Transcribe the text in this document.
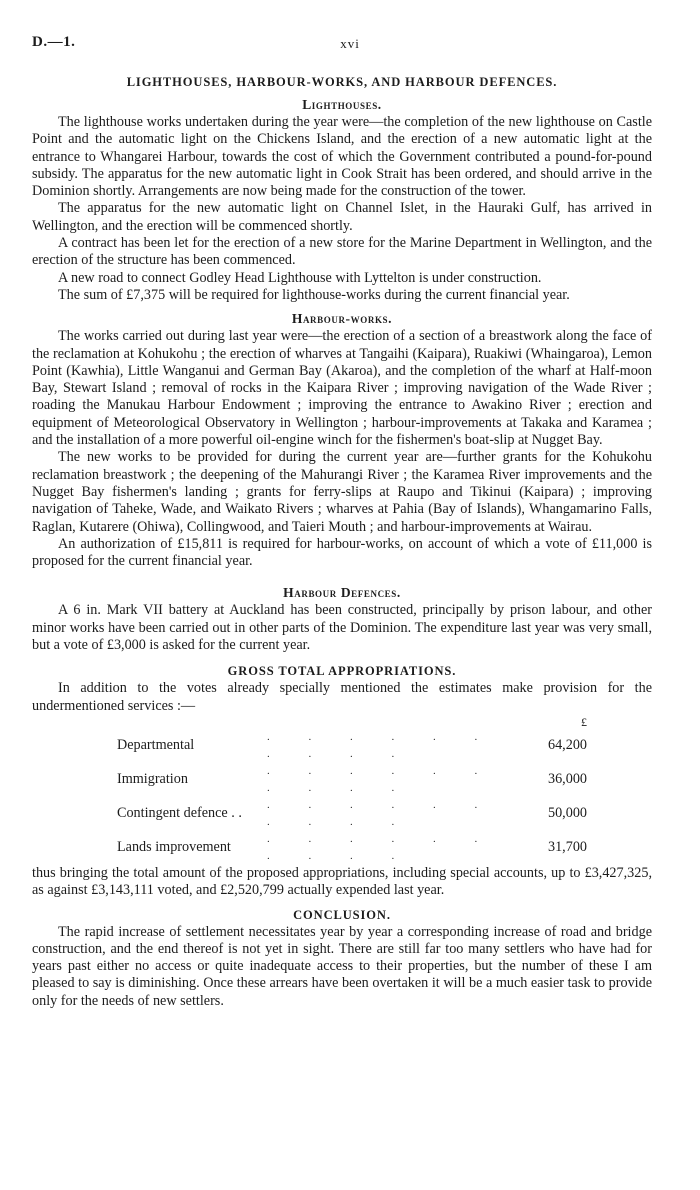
D.—1.	xvi
LIGHTHOUSES, HARBOUR-WORKS, AND HARBOUR DEFENCES.
Lighthouses.

The lighthouse works undertaken during the year were—the completion of the new lighthouse on Castle Point and the automatic light on the Chickens Island, and the erection of a new automatic light at the entrance to Whangarei Harbour, towards the cost of which the Government contributed a pound-for-pound subsidy. The apparatus for the new automatic light in Cook Strait has been ordered, and should arrive in the Dominion shortly. Arrangements are now being made for the construction of the tower.

The apparatus for the new automatic light on Channel Islet, in the Hauraki Gulf, has arrived in Wellington, and the erection will be commenced shortly.

A contract has been let for the erection of a new store for the Marine Department in Wellington, and the erection of the structure has been commenced.

A new road to connect Godley Head Lighthouse with Lyttelton is under construction.

The sum of £7,375 will be required for lighthouse-works during the current financial year.

Harbour-works.

The works carried out during last year were—the erection of a section of a breastwork along the face of the reclamation at Kohukohu ; the erection of wharves at Tangaihi (Kaipara), Ruakiwi (Whaingaroa), Lemon Point (Kawhia), Little Wanganui and German Bay (Akaroa), and the completion of the wharf at Half-moon Bay, Stewart Island ; removal of rocks in the Kaipara River ; improving navigation of the Wade River ; roading the Manukau Harbour Endowment ; improving the entrance to Awakino River ; erection and equipment of Meteorological Observatory in Wellington ; harbour-improvements at Takaka and Karamea ; and the installation of a more powerful oil-engine winch for the fishermen's boat-slip at Nugget Bay.

The new works to be provided for during the current year are—further grants for the Kohukohu reclamation breastwork ; the deepening of the Mahurangi River ; the Karamea River improvements and the Nugget Bay fishermen's landing ; grants for ferry-slips at Raupo and Tikinui (Kaipara) ; improving navigation of Taheke, Wade, and Waikato Rivers ; wharves at Pahia (Bay of Islands), Whangamarino Falls, Raglan, Kutarere (Ohiwa), Collingwood, and Taieri Mouth ; and harbour-improvements at Wairau.

An authorization of £15,811 is required for harbour-works, on account of which a vote of £11,000 is proposed for the current financial year.

Harbour Defences.

A 6 in. Mark VII battery at Auckland has been constructed, principally by prison labour, and other minor works have been carried out in other parts of the Dominion. The expenditure last year was very small, but a vote of £3,000 is asked for the current year.

GROSS TOTAL APPROPRIATIONS.

In addition to the votes already specially mentioned the estimates make provision for the undermentioned services :—

		£
Departmental	. . . . . . . . . .	64,200
Immigration	. . . . . . . . . .	36,000
Contingent defence . .	. . . . . . . . . .	50,000
Lands improvement	. . . . . . . . . .	31,700

thus bringing the total amount of the proposed appropriations, including special accounts, up to £3,427,325, as against £3,143,111 voted, and £2,520,799 actually expended last year.

CONCLUSION.

The rapid increase of settlement necessitates year by year a corresponding increase of road and bridge construction, and the end thereof is not yet in sight. There are still far too many settlers who have had for years past either no access or quite inadequate access to their properties, but the number of these I am pleased to say is diminishing. Once these arrears have been overtaken it will be a much easier task to provide only for the needs of new settlers.
